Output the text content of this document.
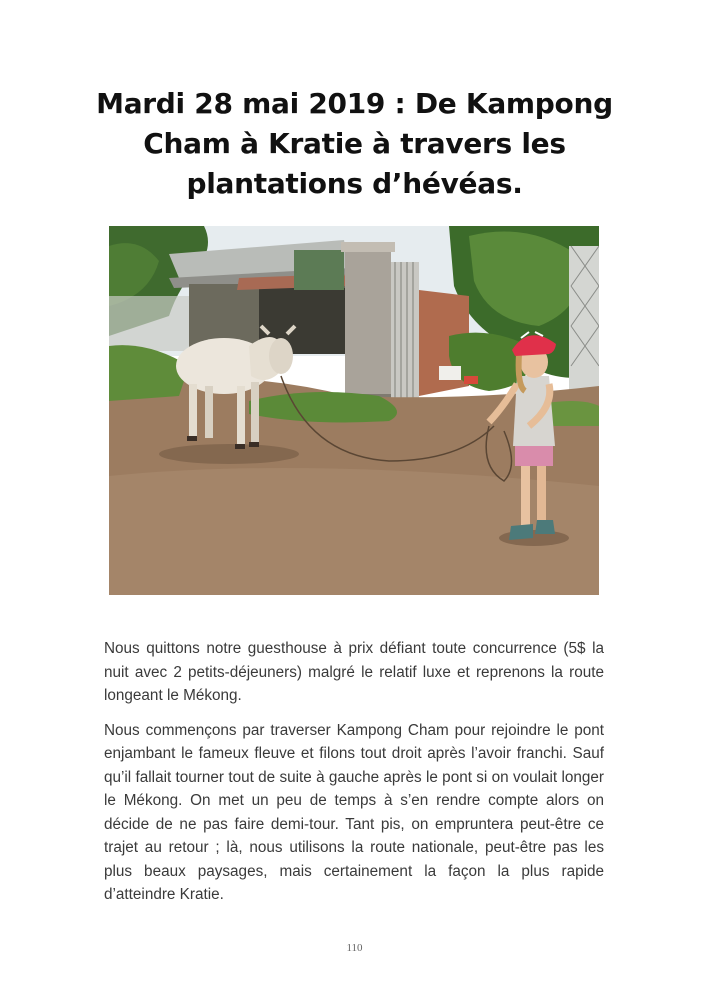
Mardi 28 mai 2019 : De Kampong Cham à Kratie à travers les plantations d’hévéas.

Nous quittons notre guesthouse à prix défiant toute concurrence (5$ la nuit avec 2 petits-déjeuners) malgré le relatif luxe et reprenons la route longeant le Mékong.

Nous commençons par traverser Kampong Cham pour rejoindre le pont enjambant le fameux fleuve et filons tout droit après l’avoir franchi. Sauf qu’il fallait tourner tout de suite à gauche après le pont si on voulait longer le Mékong. On met un peu de temps à s’en rendre compte alors on décide de ne pas faire demi-tour. Tant pis, on empruntera peut-être ce trajet au retour ; là, nous utilisons la route nationale, peut-être pas les plus beaux paysages, mais certainement la façon la plus rapide d’atteindre Kratie.

110
